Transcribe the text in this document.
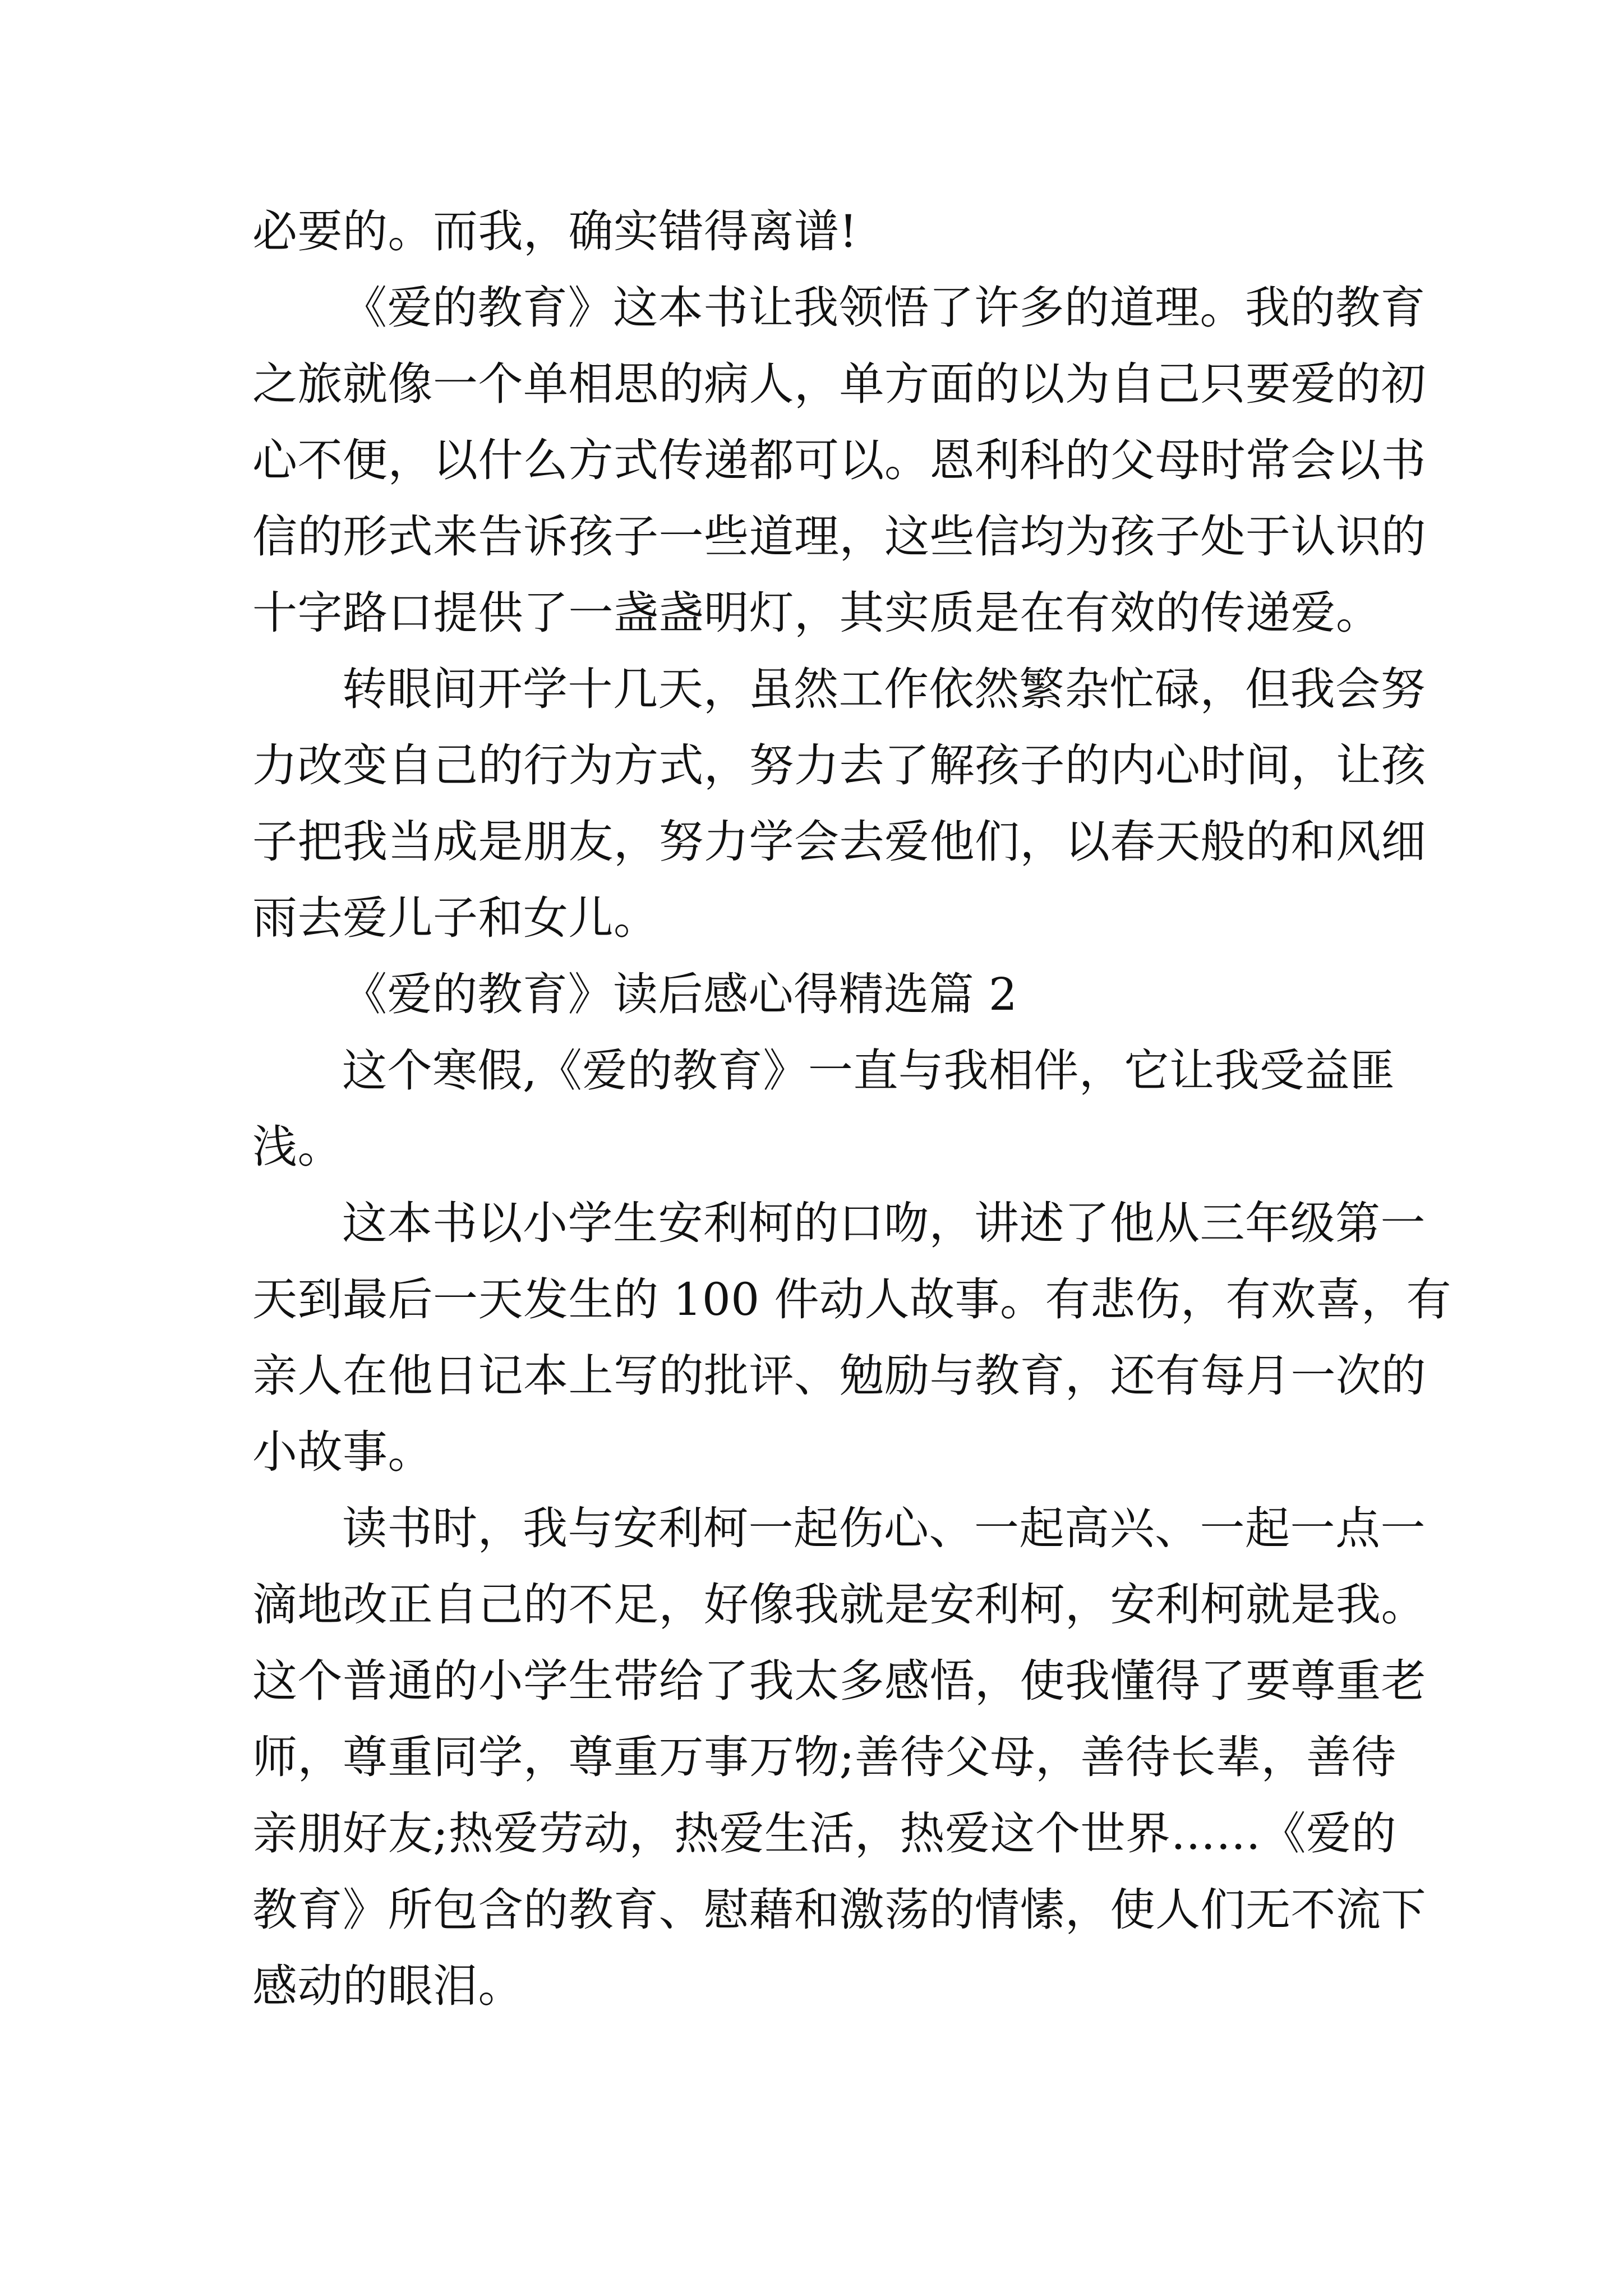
必要的。而我，确实错得离谱!
《爱的教育》这本书让我领悟了许多的道理。我的教育
之旅就像一个单相思的病人，单方面的以为自己只要爱的初
心不便，以什么方式传递都可以。恩利科的父母时常会以书
信的形式来告诉孩子一些道理，这些信均为孩子处于认识的
十字路口提供了一盏盏明灯，其实质是在有效的传递爱。
转眼间开学十几天，虽然工作依然繁杂忙碌，但我会努
力改变自己的行为方式，努力去了解孩子的内心时间，让孩
子把我当成是朋友，努力学会去爱他们，以春天般的和风细
雨去爱儿子和女儿。
《爱的教育》读后感心得精选篇 2
这个寒假,《爱的教育》一直与我相伴，它让我受益匪
浅。
这本书以小学生安利柯的口吻，讲述了他从三年级第一
天到最后一天发生的 100 件动人故事。有悲伤，有欢喜，有
亲人在他日记本上写的批评、勉励与教育，还有每月一次的
小故事。
读书时，我与安利柯一起伤心、一起高兴、一起一点一
滴地改正自己的不足，好像我就是安利柯，安利柯就是我。
这个普通的小学生带给了我太多感悟，使我懂得了要尊重老
师，尊重同学，尊重万事万物;善待父母，善待长辈，善待
亲朋好友;热爱劳动，热爱生活，热爱这个世界……《爱的
教育》所包含的教育、慰藉和激荡的情愫，使人们无不流下
感动的眼泪。
